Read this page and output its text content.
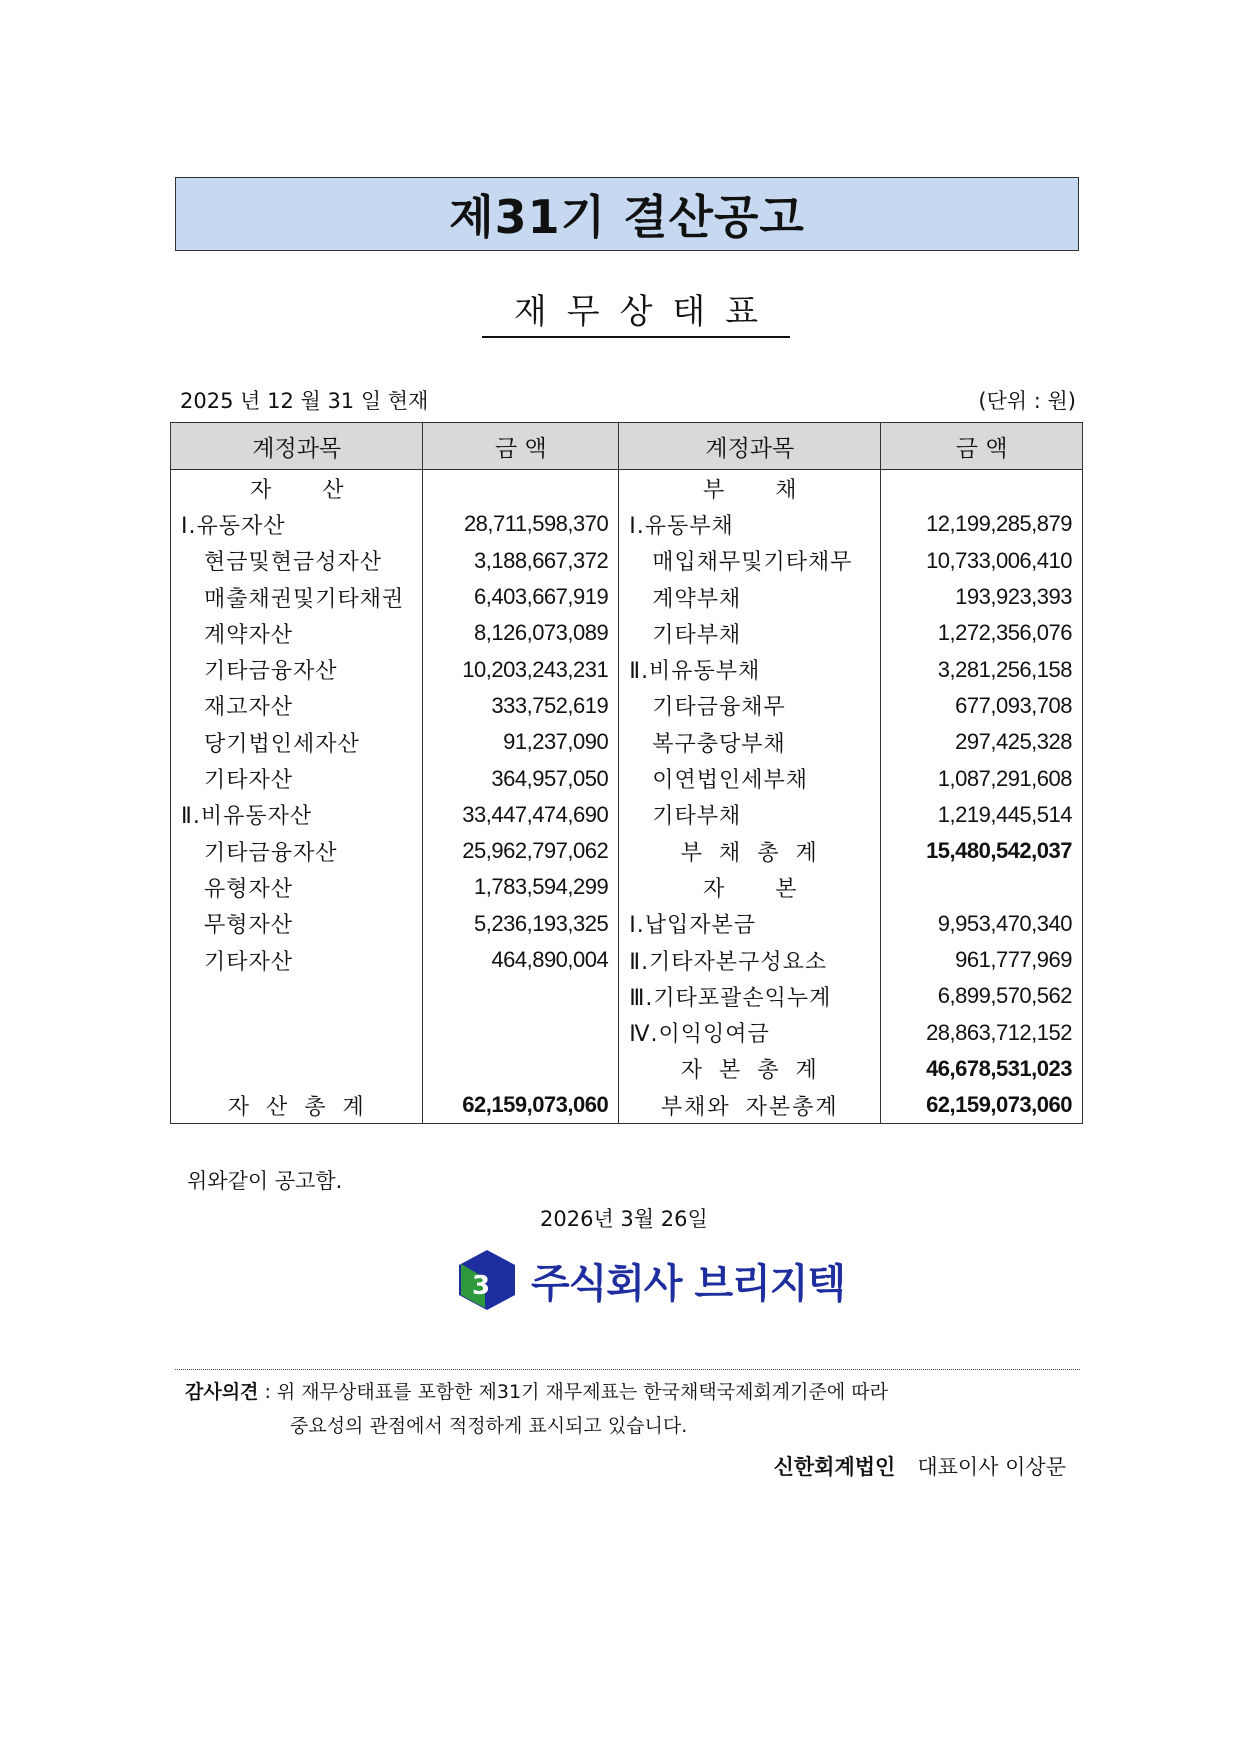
제31기 결산공고
재무상태표
2025 년 12 월 31 일 현재	(단위 : 원)
계정과목	금 액	계정과목	금 액
자 산		부 채	
Ⅰ.유동자산	28,711,598,370	Ⅰ.유동부채	12,199,285,879
현금및현금성자산	3,188,667,372	매입채무및기타채무	10,733,006,410
매출채권및기타채권	6,403,667,919	계약부채	193,923,393
계약자산	8,126,073,089	기타부채	1,272,356,076
기타금융자산	10,203,243,231	Ⅱ.비유동부채	3,281,256,158
재고자산	333,752,619	기타금융채무	677,093,708
당기법인세자산	91,237,090	복구충당부채	297,425,328
기타자산	364,957,050	이연법인세부채	1,087,291,608
Ⅱ.비유동자산	33,447,474,690	기타부채	1,219,445,514
기타금융자산	25,962,797,062	부 채 총 계	15,480,542,037
유형자산	1,783,594,299	자 본	
무형자산	5,236,193,325	Ⅰ.납입자본금	9,953,470,340
기타자산	464,890,004	Ⅱ.기타자본구성요소	961,777,969
		Ⅲ.기타포괄손익누계	6,899,570,562
		Ⅳ.이익잉여금	28,863,712,152
		자 본 총 계	46,678,531,023
자 산 총 계	62,159,073,060	부채와 자본총계	62,159,073,060
위와같이 공고함.
2026년 3월 26일
3 주식회사 브리지텍
감사의견 : 위 재무상태표를 포함한 제31기 재무제표는 한국채택국제회계기준에 따라
중요성의 관점에서 적정하게 표시되고 있습니다.
신한회계법인 대표이사 이상문
